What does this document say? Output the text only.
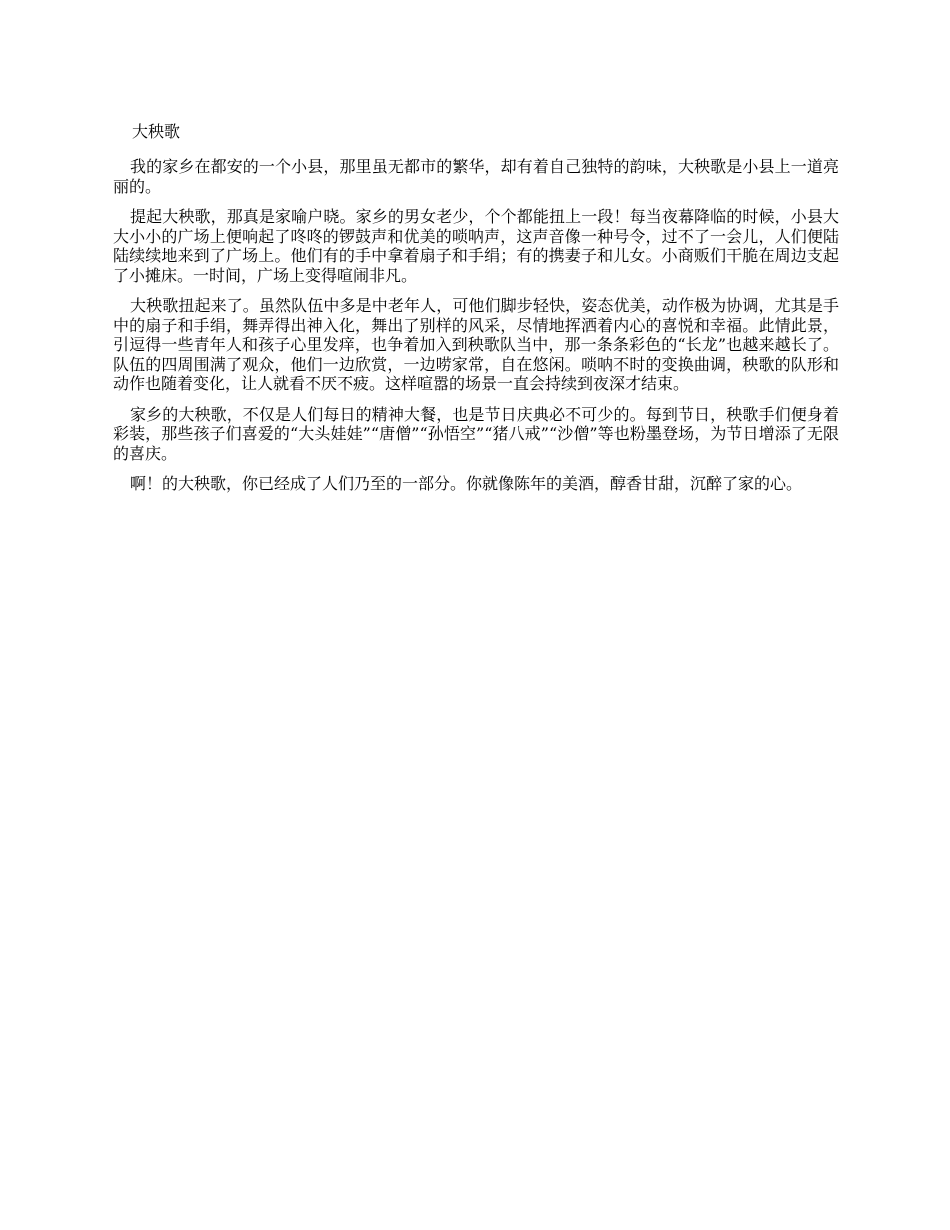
大秧歌

我的家乡在都安的一个小县，那里虽无都市的繁华，却有着自己独特的韵味，大秧歌是小县上一道亮丽的。

提起大秧歌，那真是家喻户晓。家乡的男女老少，个个都能扭上一段！每当夜幕降临的时候，小县大大小小的广场上便响起了咚咚的锣鼓声和优美的唢呐声，这声音像一种号令，过不了一会儿，人们便陆陆续续地来到了广场上。他们有的手中拿着扇子和手绢；有的携妻子和儿女。小商贩们干脆在周边支起了小摊床。一时间，广场上变得喧闹非凡。

大秧歌扭起来了。虽然队伍中多是中老年人，可他们脚步轻快，姿态优美，动作极为协调，尤其是手中的扇子和手绢，舞弄得出神入化，舞出了别样的风采，尽情地挥洒着内心的喜悦和幸福。此情此景，引逗得一些青年人和孩子心里发痒，也争着加入到秧歌队当中，那一条条彩色的“长龙”也越来越长了。队伍的四周围满了观众，他们一边欣赏，一边唠家常，自在悠闲。唢呐不时的变换曲调，秧歌的队形和动作也随着变化，让人就看不厌不疲。这样喧嚣的场景一直会持续到夜深才结束。

家乡的大秧歌，不仅是人们每日的精神大餐，也是节日庆典必不可少的。每到节日，秧歌手们便身着彩装，那些孩子们喜爱的“大头娃娃”“唐僧”“孙悟空”“猪八戒”“沙僧”等也粉墨登场，为节日增添了无限的喜庆。

啊！的大秧歌，你已经成了人们乃至的一部分。你就像陈年的美酒，醇香甘甜，沉醉了家的心。
